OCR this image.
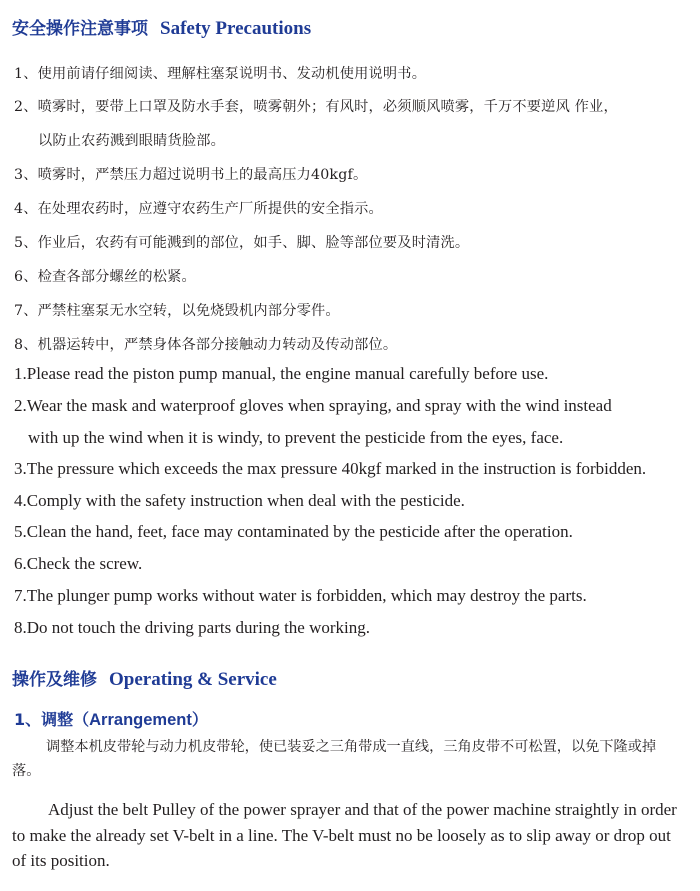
安全操作注意事项 Safety Precautions
1、使用前请仔细阅读、理解柱塞泵说明书、发动机使用说明书。
2、喷雾时，要带上口罩及防水手套，喷雾朝外；有风时，必须顺风喷雾，千万不要逆风 作业，
以防止农药溅到眼睛货脸部。
3、喷雾时，严禁压力超过说明书上的最高压力40kgf。
4、在处理农药时，应遵守农药生产厂所提供的安全指示。
5、作业后，农药有可能溅到的部位，如手、脚、脸等部位要及时清洗。
6、检查各部分螺丝的松紧。
7、严禁柱塞泵无水空转，以免烧毁机内部分零件。
8、机器运转中，严禁身体各部分接触动力转动及传动部位。
1.Please read the piston pump manual, the engine manual carefully before use.
2.Wear the mask and waterproof gloves when spraying, and spray with the wind instead
with up the wind when it is windy, to prevent the pesticide from the eyes, face.
3.The pressure which exceeds the max pressure 40kgf marked in the instruction is forbidden.
4.Comply with the safety instruction when deal with the pesticide.
5.Clean the hand, feet, face may contaminated by the pesticide after the operation.
6.Check the screw.
7.The plunger pump works without water is forbidden, which may destroy the parts.
8.Do not touch the driving parts during the working.
操作及维修 Operating & Service
1、调整（Arrangement）
调整本机皮带轮与动力机皮带轮，使已装妥之三角带成一直线，三角皮带不可松置，以免下隆或掉落。
Adjust the belt Pulley of the power sprayer and that of the power machine straightly in order to make the already set V-belt in a line. The V-belt must no be loosely as to slip away or drop out of its position.
